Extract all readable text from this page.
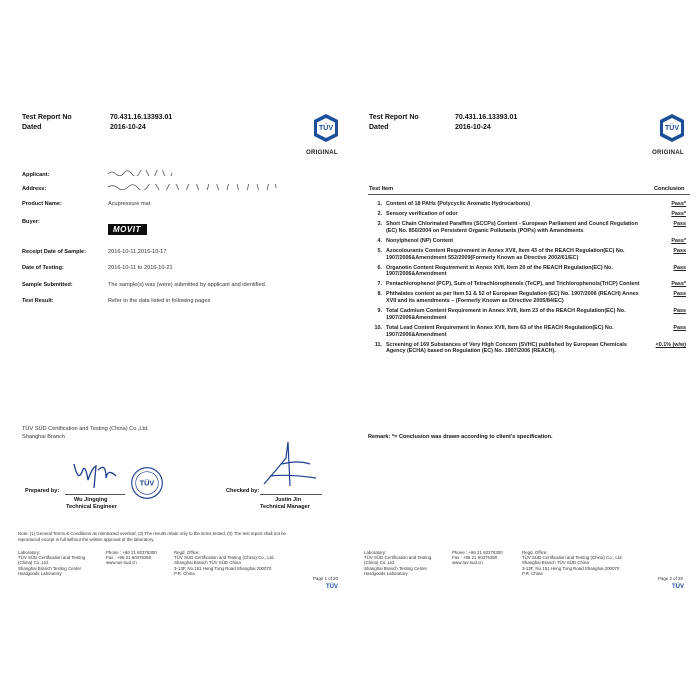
Test Report No	70.431.16.13393.01
Dated	2016-10-24	TÜV
ORIGINAL
Applicant:
Address:
Product Name:	Acupressure mat
Buyer:
MOVIT
Receipt Date of Sample:	2016-10-11,2016-10-17
Date of Testing:	2016-10-11 to 2016-10-21
Sample Submitted:	The sample(s) was (were) submitted by applicant and identified.
Test Result:	Refer to the data listed in following pages
TÜV SÜD Certification and Testing (China) Co.,Ltd.
Shanghai Branch
TÜV
Prepared by:
Wu Jingqing
Technical Engineer
Checked by:
Justin Jin
Technical Manager
Note: (1) General Terms & Conditions as mentioned overleaf, (2) The results relate only to the items tested, (3) The test report shall not be
reproduced except in full without the written approval of the laboratory.
Laboratory:
TÜV SÜD Certification and Testing
(China) Co.,Ltd.
Shanghai Branch Testing Center
Hardgoods Laboratory
Phone : +86 21 60376300
Fax : +86 21 60376350
www.tuv-sud.cn
Regd. Office:
TÜV SÜD Certification and Testing (China) Co., Ltd.
Shanghai Branch TÜV SÜD China
3-13F, No.151 Heng Tong Road Shanghai 200070
P.R. China
Page 1 of 20
TÜV
Test Report No	70.431.16.13393.01
Dated	2016-10-24	TÜV
ORIGINAL
Test Item	Conclusion
1.	Content of 18 PAHs (Polycyclic Aromatic Hydrocarbons)	Pass*
2.	Sensory verification of odor	Pass*
3.	Short Chain Chlorinated Paraffins (SCCPs) Content - European Parliament and Council Regulation (EC) No. 850/2004 on Persistent Organic Pollutants (POPs) with Amendments	Pass
4.	Nonylphenol (NP) Content	Pass*
5.	Azocolourants Content Requirement in Annex XVII, Item 43 of the REACH Regulation(EC) No. 1907/2006&Amendment 552/2009(Formerly Known as Directive 2002/61/EC)	Pass
6.	Organotin Content Requirement in Annex XVII, Item 20 of the REACH Regulation(EC) No. 1907/2006&Amendment	Pass
7.	Pentachlorophenol (PCP), Sum of Tetrachlorophenols (TeCP), and Trichlorophenols(TriCP) Content	Pass*
8.	Phthalates content as per Item 51 & 52 of European Regulation (EC) No. 1907/2006 (REACH) Annex XVII and its amendments – (Formerly Known as Directive 2005/84/EC)	Pass
9.	Total Cadmium Content Requirement in Annex XVII, Item 23 of the REACH Regulation(EC) No. 1907/2006&Amendment	Pass
10.	Total Lead Content Requirement in Annex XVII, Item 63 of the REACH Regulation(EC) No. 1907/2006&Amendment	Pass
11.	Screening of 169 Substances of Very High Concern (SVHC) published by European Chemicals Agency (ECHA) based on Regulation (EC) No. 1907/2006 (REACH).	<0.1% (w/w)
Remark: *= Conclusion was drawn according to client's specification.
Laboratory:
TÜV SÜD Certification and Testing
(China) Co.,Ltd.
Shanghai Branch Testing Center
Hardgoods Laboratory
Phone : +86 21 60376300
Fax : +86 21 60376350
www.tuv-sud.cn
Regd. Office:
TÜV SÜD Certification and Testing (China) Co., Ltd.
Shanghai Branch TÜV SÜD China
3-13F, No.151 Heng Tong Road Shanghai 200070
P.R. China
Page 2 of 20
TÜV
